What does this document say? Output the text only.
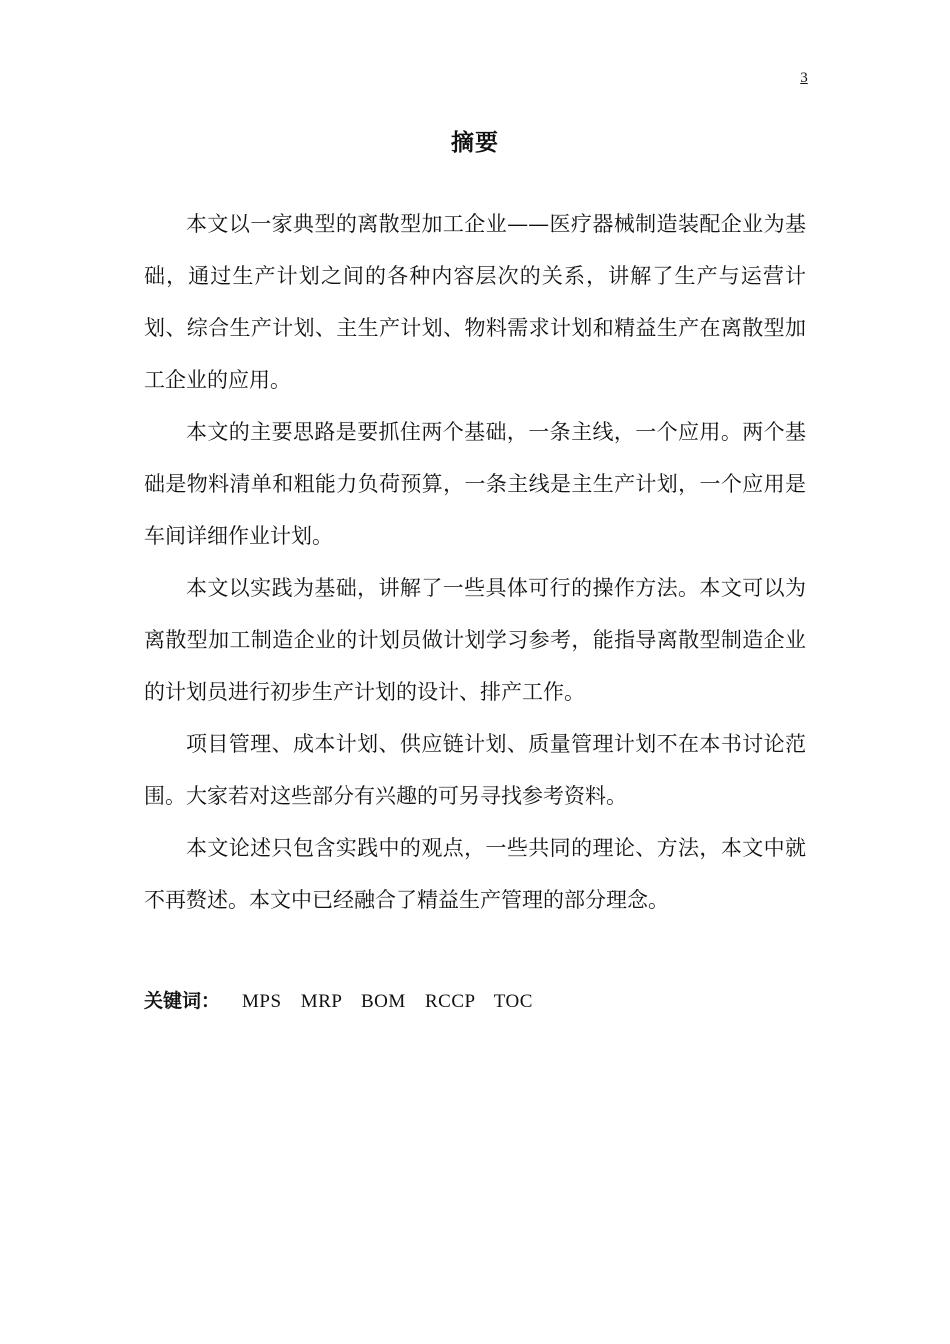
3
摘要

本文以一家典型的离散型加工企业——医疗器械制造装配企业为基础，通过生产计划之间的各种内容层次的关系，讲解了生产与运营计划、综合生产计划、主生产计划、物料需求计划和精益生产在离散型加工企业的应用。

本文的主要思路是要抓住两个基础，一条主线，一个应用。两个基础是物料清单和粗能力负荷预算，一条主线是主生产计划，一个应用是车间详细作业计划。

本文以实践为基础，讲解了一些具体可行的操作方法。本文可以为离散型加工制造企业的计划员做计划学习参考，能指导离散型制造企业的计划员进行初步生产计划的设计、排产工作。

项目管理、成本计划、供应链计划、质量管理计划不在本书讨论范围。大家若对这些部分有兴趣的可另寻找参考资料。

本文论述只包含实践中的观点，一些共同的理论、方法，本文中就不再赘述。本文中已经融合了精益生产管理的部分理念。

关键词： MPS MRP BOM RCCP TOC
